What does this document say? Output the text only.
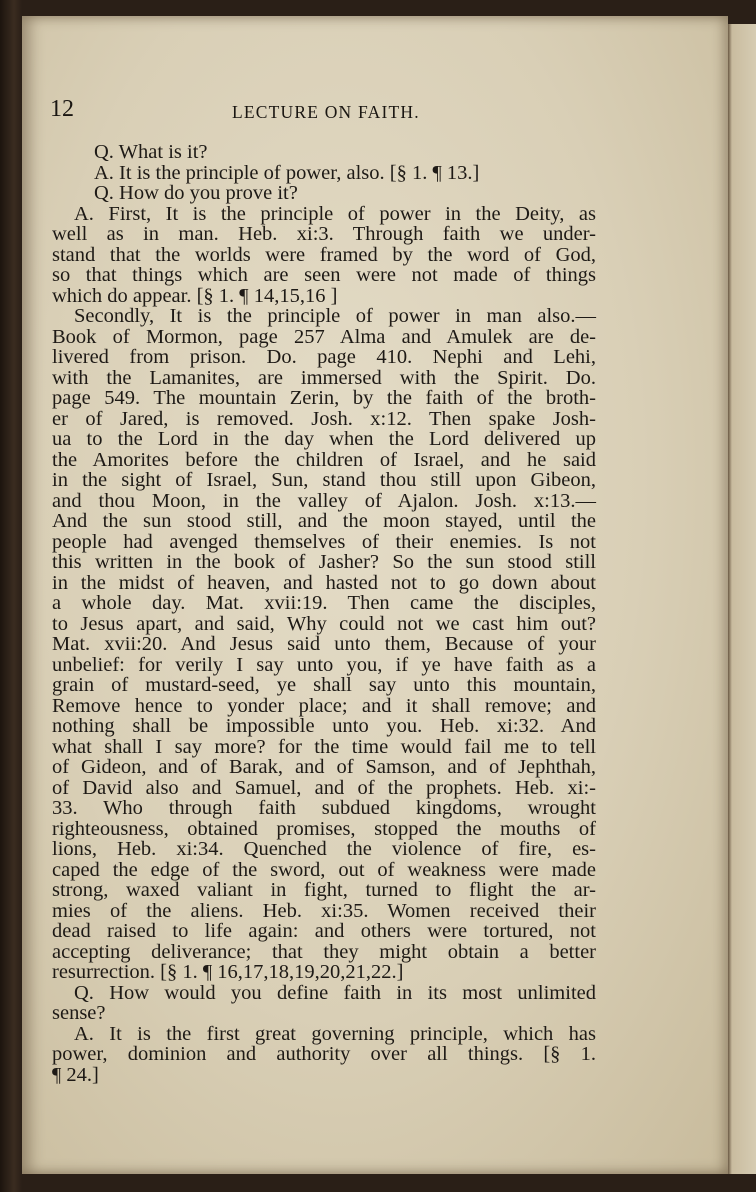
12	LECTURE ON FAITH.
Q. What is it?
A. It is the principle of power, also. [§ 1. ¶ 13.]
Q. How do you prove it?
A. First, It is the principle of power in the Deity, as
well as in man. Heb. xi:3. Through faith we under-
stand that the worlds were framed by the word of God,
so that things which are seen were not made of things
which do appear. [§ 1. ¶ 14,15,16 ]
Secondly, It is the principle of power in man also.—
Book of Mormon, page 257 Alma and Amulek are de-
livered from prison. Do. page 410. Nephi and Lehi,
with the Lamanites, are immersed with the Spirit. Do.
page 549. The mountain Zerin, by the faith of the broth-
er of Jared, is removed. Josh. x:12. Then spake Josh-
ua to the Lord in the day when the Lord delivered up
the Amorites before the children of Israel, and he said
in the sight of Israel, Sun, stand thou still upon Gibeon,
and thou Moon, in the valley of Ajalon. Josh. x:13.—
And the sun stood still, and the moon stayed, until the
people had avenged themselves of their enemies. Is not
this written in the book of Jasher? So the sun stood still
in the midst of heaven, and hasted not to go down about
a whole day. Mat. xvii:19. Then came the disciples,
to Jesus apart, and said, Why could not we cast him out?
Mat. xvii:20. And Jesus said unto them, Because of your
unbelief: for verily I say unto you, if ye have faith as a
grain of mustard-seed, ye shall say unto this mountain,
Remove hence to yonder place; and it shall remove; and
nothing shall be impossible unto you. Heb. xi:32. And
what shall I say more? for the time would fail me to tell
of Gideon, and of Barak, and of Samson, and of Jephthah,
of David also and Samuel, and of the prophets. Heb. xi:-
33. Who through faith subdued kingdoms, wrought
righteousness, obtained promises, stopped the mouths of
lions, Heb. xi:34. Quenched the violence of fire, es-
caped the edge of the sword, out of weakness were made
strong, waxed valiant in fight, turned to flight the ar-
mies of the aliens. Heb. xi:35. Women received their
dead raised to life again: and others were tortured, not
accepting deliverance; that they might obtain a better
resurrection. [§ 1. ¶ 16,17,18,19,20,21,22.]
Q. How would you define faith in its most unlimited
sense?
A. It is the first great governing principle, which has
power, dominion and authority over all things. [§ 1.
¶ 24.]
